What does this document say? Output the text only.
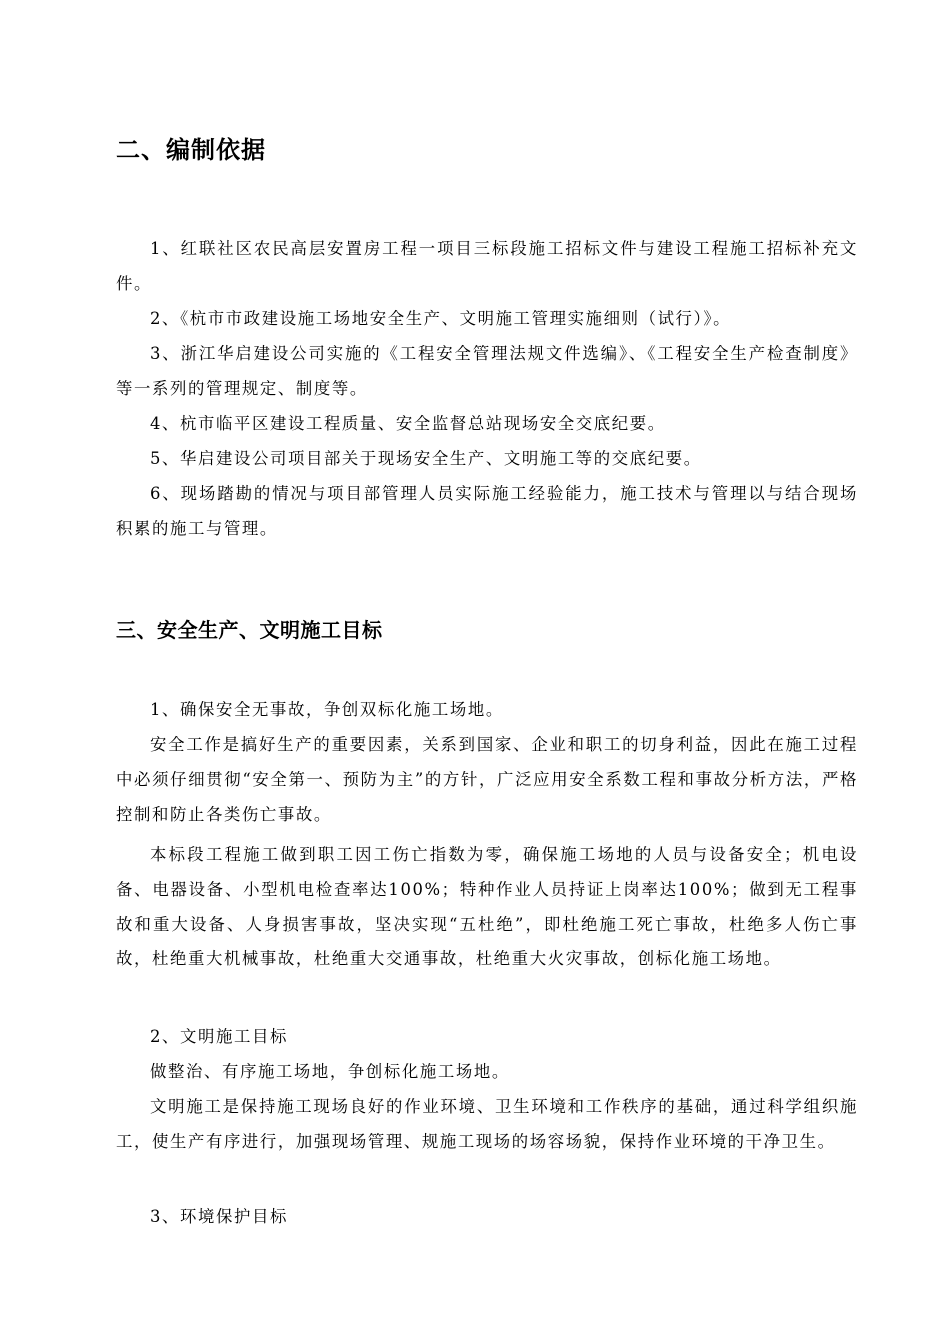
二、编制依据

1、红联社区农民高层安置房工程一项目三标段施工招标文件与建设工程施工招标补充文件。

2、《杭市市政建设施工场地安全生产、文明施工管理实施细则（试行）》。

3、浙江华启建设公司实施的《工程安全管理法规文件选编》、《工程安全生产检查制度》等一系列的管理规定、制度等。

4、杭市临平区建设工程质量、安全监督总站现场安全交底纪要。

5、华启建设公司项目部关于现场安全生产、文明施工等的交底纪要。

6、现场踏勘的情况与项目部管理人员实际施工经验能力，施工技术与管理以与结合现场积累的施工与管理。

三、安全生产、文明施工目标

1、确保安全无事故，争创双标化施工场地。

安全工作是搞好生产的重要因素，关系到国家、企业和职工的切身利益，因此在施工过程中必须仔细贯彻“安全第一、预防为主”的方针，广泛应用安全系数工程和事故分析方法，严格控制和防止各类伤亡事故。

本标段工程施工做到职工因工伤亡指数为零，确保施工场地的人员与设备安全；机电设备、电器设备、小型机电检查率达100%；特种作业人员持证上岗率达100%；做到无工程事故和重大设备、人身损害事故，坚决实现“五杜绝”，即杜绝施工死亡事故，杜绝多人伤亡事故，杜绝重大机械事故，杜绝重大交通事故，杜绝重大火灾事故，创标化施工场地。

2、文明施工目标

做整治、有序施工场地，争创标化施工场地。

文明施工是保持施工现场良好的作业环境、卫生环境和工作秩序的基础，通过科学组织施工，使生产有序进行，加强现场管理、规施工现场的场容场貌，保持作业环境的干净卫生。

3、环境保护目标
